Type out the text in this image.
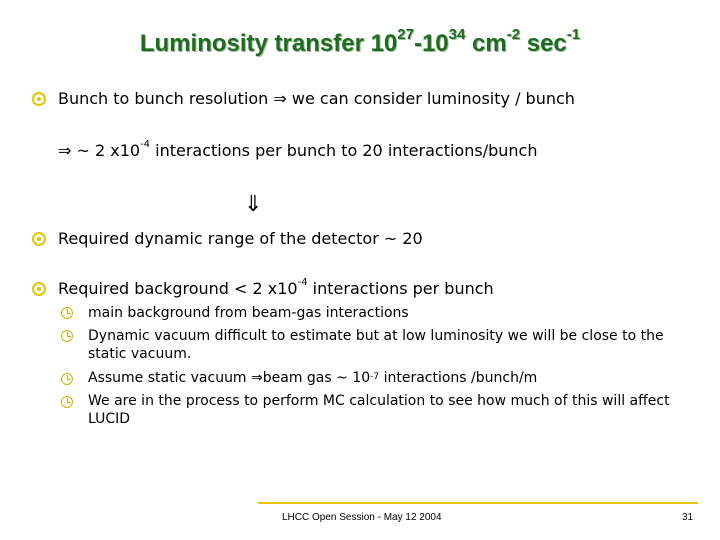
Luminosity transfer $10^{27}-10^{34}$ $cm^{-2}$ $\sec^{-1}$
Bunch to bunch resolution ⇒ we can consider luminosity / bunch
⇒ ~ 2 $x10^{-4}$ interactions per bunch to 20 interactions/bunch
⇓
Required dynamic range of the detector ~ 20
Required background < 2 $x10^{-4}$ interactions per bunch
main background from beam-gas interactions
Dynamic vacuum difficult to estimate but at low luminosity we will be close to the static vacuum.
Assume static vacuum ⇒beam gas ~ $10^{-7}$ interactions /bunch/m
We are in the process to perform MC calculation to see how much of this will affect LUCID
LHCC Open Session - May 12 2004	31
